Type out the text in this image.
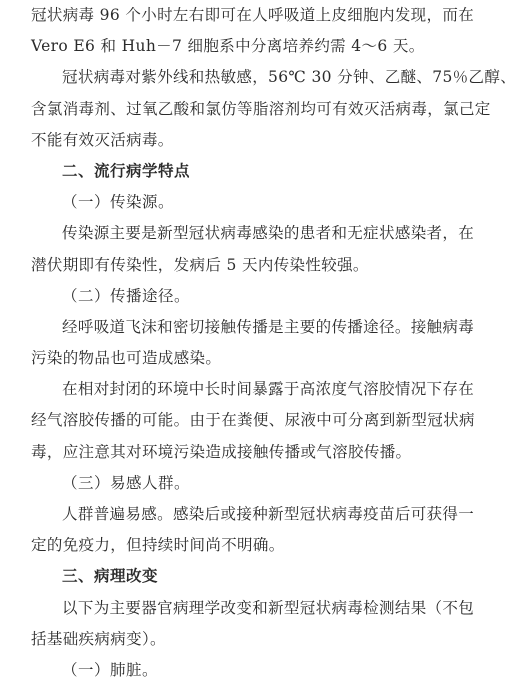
冠状病毒 96 个小时左右即可在人呼吸道上皮细胞内发现，而在
Vero E6 和 Huh－7 细胞系中分离培养约需 4～6 天。
冠状病毒对紫外线和热敏感，56℃ 30 分钟、乙醚、75％乙醇、
含氯消毒剂、过氧乙酸和氯仿等脂溶剂均可有效灭活病毒，氯己定
不能有效灭活病毒。
二、流行病学特点
（一）传染源。
传染源主要是新型冠状病毒感染的患者和无症状感染者，在
潜伏期即有传染性，发病后 5 天内传染性较强。
（二）传播途径。
经呼吸道飞沫和密切接触传播是主要的传播途径。接触病毒
污染的物品也可造成感染。
在相对封闭的环境中长时间暴露于高浓度气溶胶情况下存在
经气溶胶传播的可能。由于在粪便、尿液中可分离到新型冠状病
毒，应注意其对环境污染造成接触传播或气溶胶传播。
（三）易感人群。
人群普遍易感。感染后或接种新型冠状病毒疫苗后可获得一
定的免疫力，但持续时间尚不明确。
三、病理改变
以下为主要器官病理学改变和新型冠状病毒检测结果（不包
括基础疾病病变）。
（一）肺脏。
